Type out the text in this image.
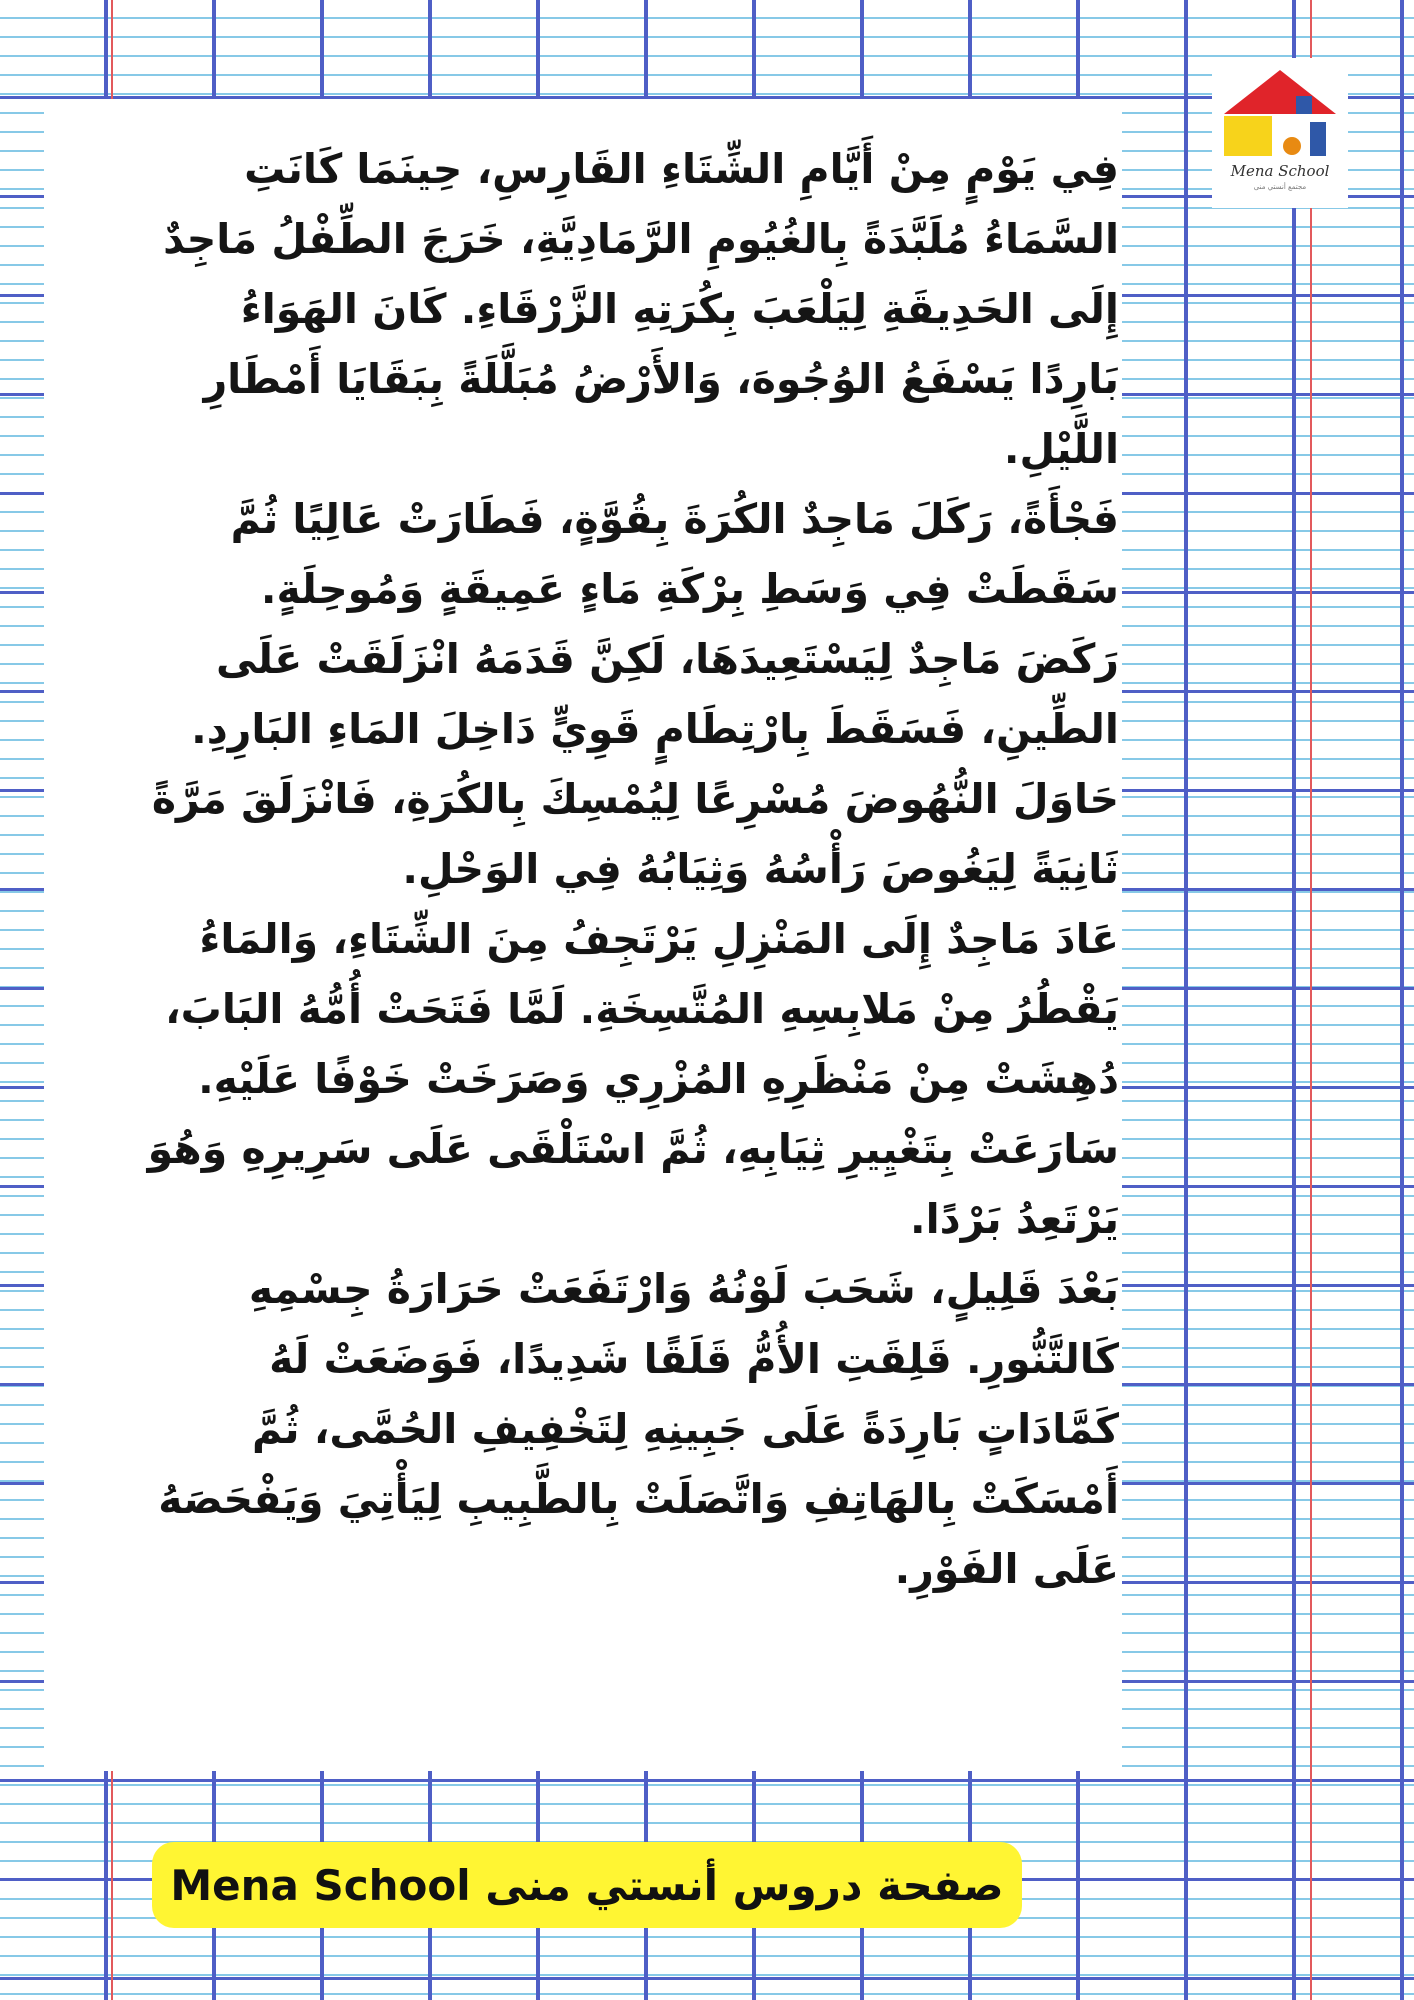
فِي يَوْمٍ مِنْ أَيَّامِ الشِّتَاءِ القَارِسِ، حِينَمَا كَانَتِ السَّمَاءُ مُلَبَّدَةً بِالغُيُومِ الرَّمَادِيَّةِ، خَرَجَ الطِّفْلُ مَاجِدٌ إِلَى الحَدِيقَةِ لِيَلْعَبَ بِكُرَتِهِ الزَّرْقَاءِ. كَانَ الهَوَاءُ بَارِدًا يَسْفَعُ الوُجُوهَ، وَالأَرْضُ مُبَلَّلَةً بِبَقَايَا أَمْطَارِ اللَّيْلِ.

فَجْأَةً، رَكَلَ مَاجِدٌ الكُرَةَ بِقُوَّةٍ، فَطَارَتْ عَالِيًا ثُمَّ سَقَطَتْ فِي وَسَطِ بِرْكَةِ مَاءٍ عَمِيقَةٍ وَمُوحِلَةٍ. رَكَضَ مَاجِدٌ لِيَسْتَعِيدَهَا، لَكِنَّ قَدَمَهُ انْزَلَقَتْ عَلَى الطِّينِ، فَسَقَطَ بِارْتِطَامٍ قَوِيٍّ دَاخِلَ المَاءِ البَارِدِ. حَاوَلَ النُّهُوضَ مُسْرِعًا لِيُمْسِكَ بِالكُرَةِ، فَانْزَلَقَ مَرَّةً ثَانِيَةً لِيَغُوصَ رَأْسُهُ وَثِيَابُهُ فِي الوَحْلِ.

عَادَ مَاجِدٌ إِلَى المَنْزِلِ يَرْتَجِفُ مِنَ الشِّتَاءِ، وَالمَاءُ يَقْطُرُ مِنْ مَلابِسِهِ المُتَّسِخَةِ. لَمَّا فَتَحَتْ أُمُّهُ البَابَ، دُهِشَتْ مِنْ مَنْظَرِهِ المُزْرِي وَصَرَخَتْ خَوْفًا عَلَيْهِ. سَارَعَتْ بِتَغْيِيرِ ثِيَابِهِ، ثُمَّ اسْتَلْقَى عَلَى سَرِيرِهِ وَهُوَ يَرْتَعِدُ بَرْدًا.

بَعْدَ قَلِيلٍ، شَحَبَ لَوْنُهُ وَارْتَفَعَتْ حَرَارَةُ جِسْمِهِ كَالتَّنُّورِ. قَلِقَتِ الأُمُّ قَلَقًا شَدِيدًا، فَوَضَعَتْ لَهُ كَمَّادَاتٍ بَارِدَةً عَلَى جَبِينِهِ لِتَخْفِيفِ الحُمَّى، ثُمَّ أَمْسَكَتْ بِالهَاتِفِ وَاتَّصَلَتْ بِالطَّبِيبِ لِيَأْتِيَ وَيَفْحَصَهُ عَلَى الفَوْرِ.

Mena School
مجتمع أنستي منى
صفحة دروس أنستي منى Mena School
